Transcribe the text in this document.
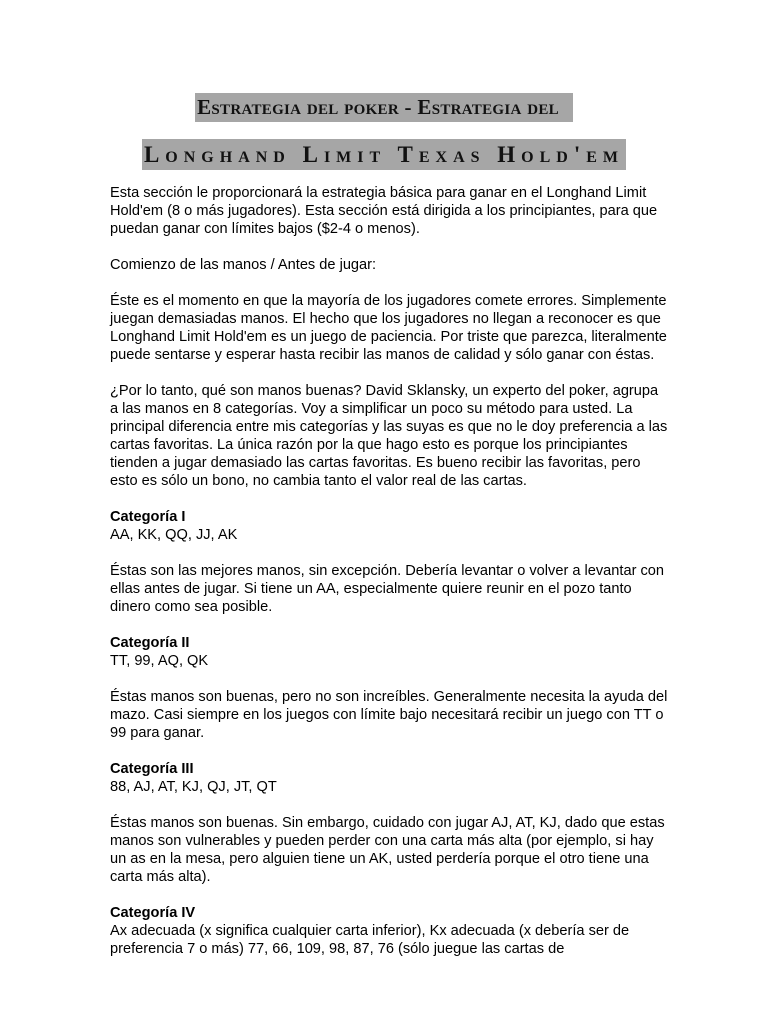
Estrategia del poker - Estrategia del
Longhand Limit Texas Hold'em

Esta sección le proporcionará la estrategia básica para ganar en el Longhand Limit Hold'em (8 o más jugadores). Esta sección está dirigida a los principiantes, para que puedan ganar con límites bajos ($2-4 o menos).

Comienzo de las manos / Antes de jugar:

Éste es el momento en que la mayoría de los jugadores comete errores. Simplemente juegan demasiadas manos. El hecho que los jugadores no llegan a reconocer es que Longhand Limit Hold'em es un juego de paciencia. Por triste que parezca, literalmente puede sentarse y esperar hasta recibir las manos de calidad y sólo ganar con éstas.

¿Por lo tanto, qué son manos buenas? David Sklansky, un experto del poker, agrupa a las manos en 8 categorías. Voy a simplificar un poco su método para usted. La principal diferencia entre mis categorías y las suyas es que no le doy preferencia a las cartas favoritas. La única razón por la que hago esto es porque los principiantes tienden a jugar demasiado las cartas favoritas. Es bueno recibir las favoritas, pero esto es sólo un bono, no cambia tanto el valor real de las cartas.

Categoría I
AA, KK, QQ, JJ, AK

Éstas son las mejores manos, sin excepción. Debería levantar o volver a levantar con ellas antes de jugar. Si tiene un AA, especialmente quiere reunir en el pozo tanto dinero como sea posible.

Categoría II
TT, 99, AQ, QK

Éstas manos son buenas, pero no son increíbles. Generalmente necesita la ayuda del mazo. Casi siempre en los juegos con límite bajo necesitará recibir un juego con TT o 99 para ganar.

Categoría III
88, AJ, AT, KJ, QJ, JT, QT

Éstas manos son buenas. Sin embargo, cuidado con jugar AJ, AT, KJ, dado que estas manos son vulnerables y pueden perder con una carta más alta (por ejemplo, si hay un as en la mesa, pero alguien tiene un AK, usted perdería porque el otro tiene una carta más alta).

Categoría IV
Ax adecuada (x significa cualquier carta inferior), Kx adecuada (x debería ser de preferencia 7 o más) 77, 66, 109, 98, 87, 76 (sólo juegue las cartas de
